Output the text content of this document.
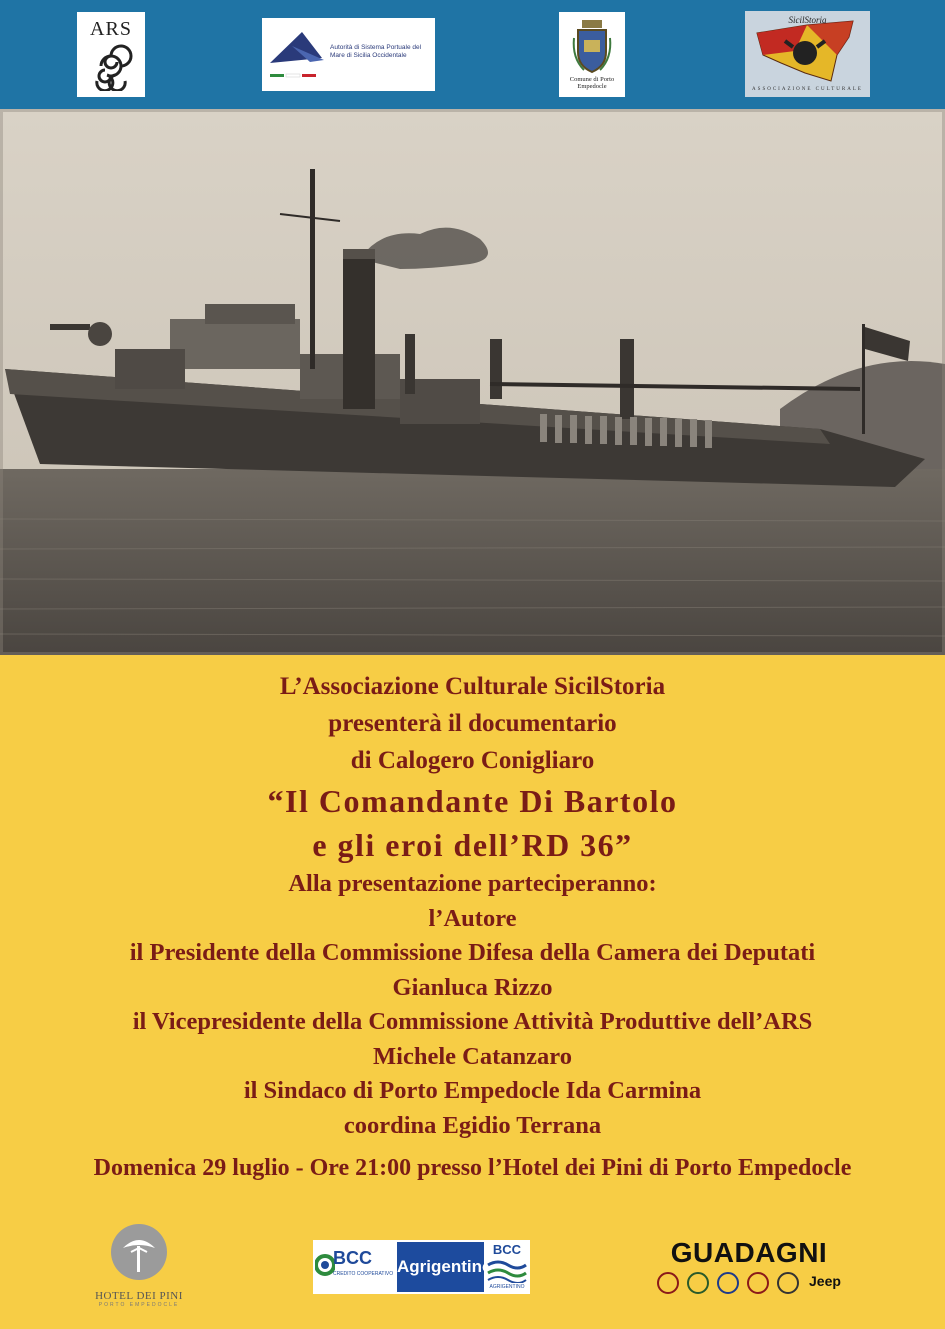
ARS
Autorità di Sistema Portuale del Mare di Sicilia Occidentale
Comune di Porto Empedocle
SicilStoria
ASSOCIAZIONE CULTURALE
L’Associazione Culturale SicilStoria
presenterà il documentario
di Calogero Conigliaro
“Il Comandante Di Bartolo
e gli eroi dell’RD 36”
Alla presentazione parteciperanno:
l’Autore
il Presidente della Commissione Difesa della Camera dei Deputati
Gianluca Rizzo
il Vicepresidente della Commissione Attività Produttive dell’ARS
Michele Catanzaro
il Sindaco di Porto Empedocle Ida Carmina
coordina Egidio Terrana
Domenica 29 luglio - Ore 21:00 presso l’Hotel dei Pini di Porto Empedocle
HOTEL DEI PINI
PORTO EMPEDOCLE
BCC
CREDITO COOPERATIVO Agrigentino
BCC
AGRIGENTINO
GUADAGNI
Jeep
